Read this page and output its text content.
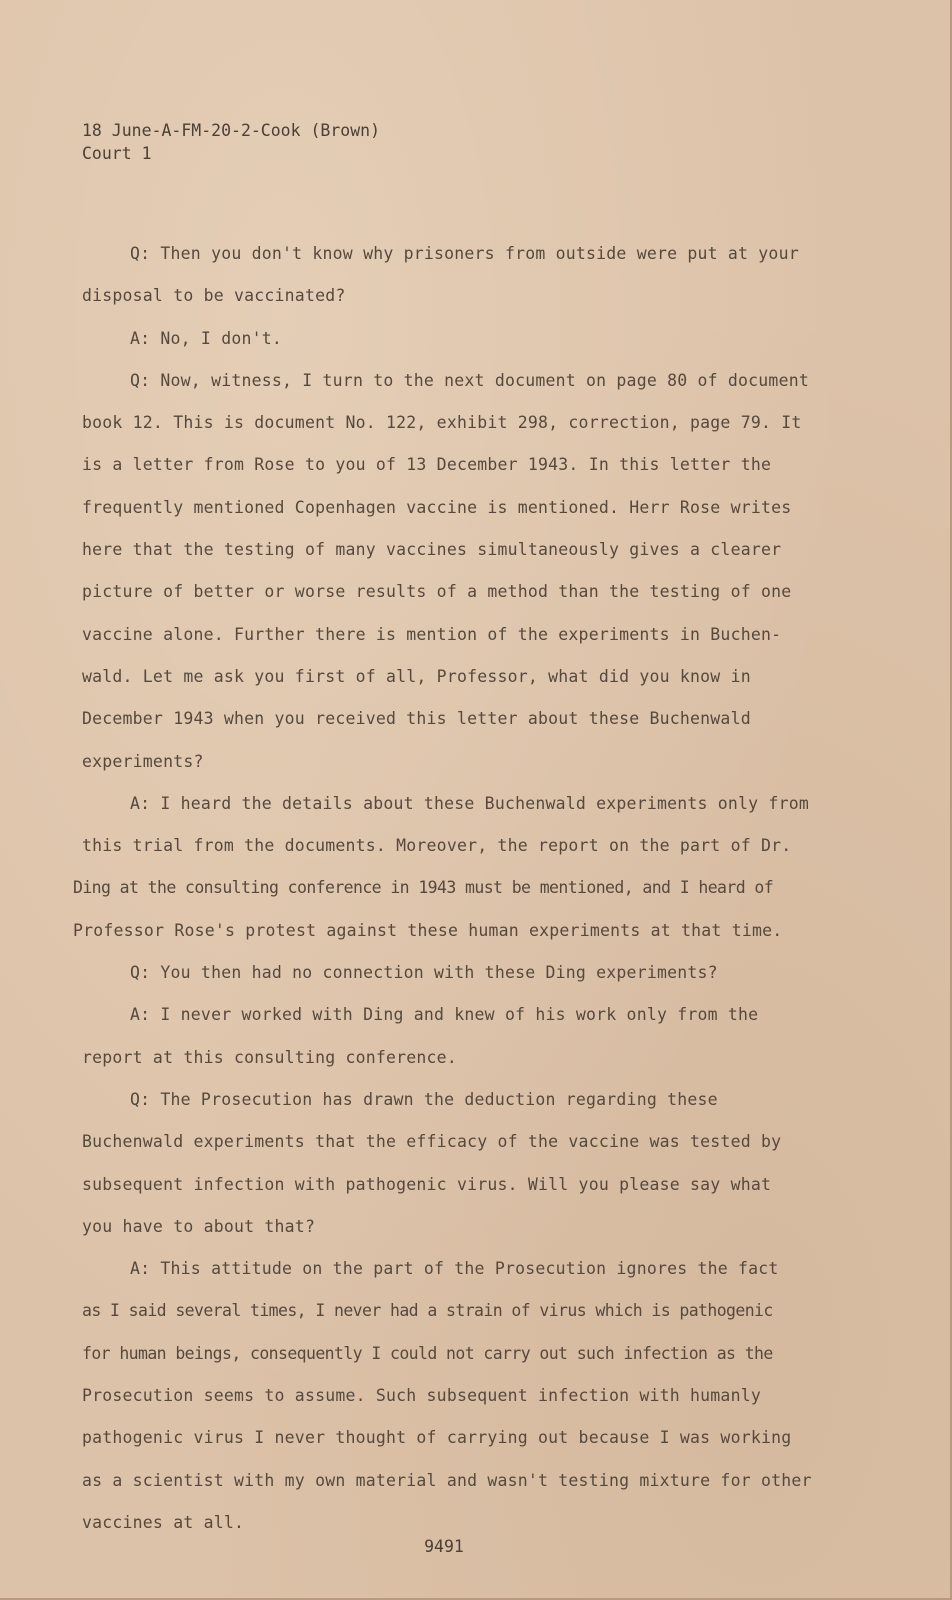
18 June-A-FM-20-2-Cook (Brown)
Court 1
Q: Then you don't know why prisoners from outside were put at your
disposal to be vaccinated?
A: No, I don't.
Q: Now, witness, I turn to the next document on page 80 of document
book 12. This is document No. 122, exhibit 298, correction, page 79. It
is a letter from Rose to you of 13 December 1943. In this letter the
frequently mentioned Copenhagen vaccine is mentioned. Herr Rose writes
here that the testing of many vaccines simultaneously gives a clearer
picture of better or worse results of a method than the testing of one
vaccine alone. Further there is mention of the experiments in Buchen-
wald. Let me ask you first of all, Professor, what did you know in
December 1943 when you received this letter about these Buchenwald
experiments?
A: I heard the details about these Buchenwald experiments only from
this trial from the documents. Moreover, the report on the part of Dr.
Ding at the consulting conference in 1943 must be mentioned, and I heard of
Professor Rose's protest against these human experiments at that time.
Q: You then had no connection with these Ding experiments?
A: I never worked with Ding and knew of his work only from the
report at this consulting conference.
Q: The Prosecution has drawn the deduction regarding these
Buchenwald experiments that the efficacy of the vaccine was tested by
subsequent infection with pathogenic virus. Will you please say what
you have to about that?
A: This attitude on the part of the Prosecution ignores the fact
as I said several times, I never had a strain of virus which is pathogenic
for human beings, consequently I could not carry out such infection as the
Prosecution seems to assume. Such subsequent infection with humanly
pathogenic virus I never thought of carrying out because I was working
as a scientist with my own material and wasn't testing mixture for other
vaccines at all.
9491
